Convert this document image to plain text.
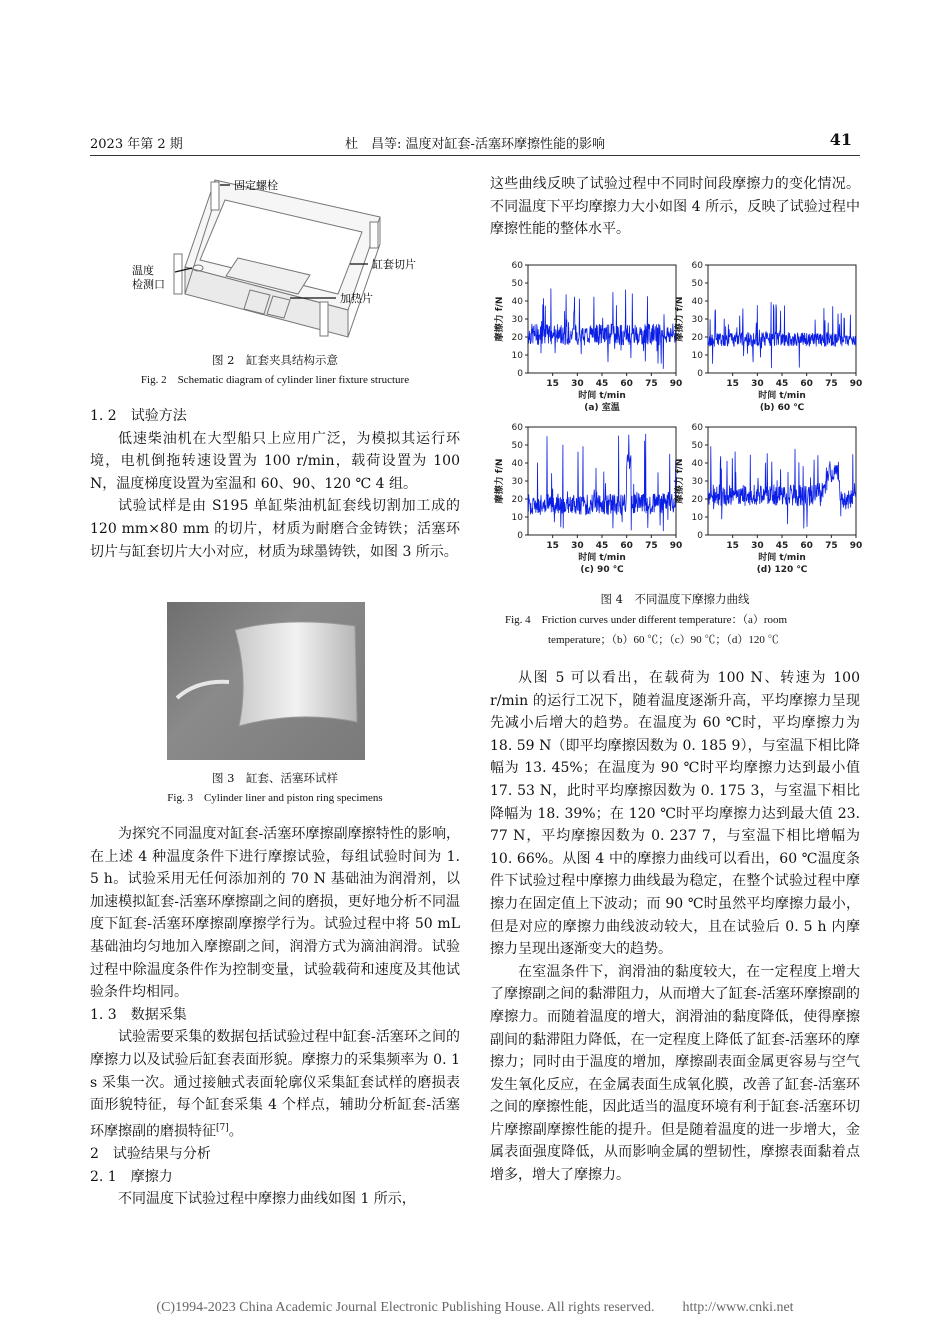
2023 年第 2 期	杜　昌等: 温度对缸套-活塞环摩擦性能的影响	41
固定螺栓
温度
检测口
缸套切片
加热片
图 2　缸套夹具结构示意
Fig. 2　Schematic diagram of cylinder liner fixture structure
1. 2　试验方法

低速柴油机在大型船只上应用广泛，为模拟其运行环境，电机倒拖转速设置为 100 r/min，载荷设置为 100 N，温度梯度设置为室温和 60、90、120 ℃ 4 组。

试验试样是由 S195 单缸柴油机缸套线切割加工成的 120 mm×80 mm 的切片，材质为耐磨合金铸铁；活塞环切片与缸套切片大小对应，材质为球墨铸铁，如图 3 所示。

图 3　缸套、活塞环试样
Fig. 3　Cylinder liner and piston ring specimens

为探究不同温度对缸套-活塞环摩擦副摩擦特性的影响，在上述 4 种温度条件下进行摩擦试验，每组试验时间为 1. 5 h。试验采用无任何添加剂的 70 N 基础油为润滑剂，以加速模拟缸套-活塞环摩擦副之间的磨损，更好地分析不同温度下缸套-活塞环摩擦副摩擦学行为。试验过程中将 50 mL 基础油均匀地加入摩擦副之间，润滑方式为滴油润滑。试验过程中除温度条件作为控制变量，试验载荷和速度及其他试验条件均相同。

1. 3　数据采集

试验需要采集的数据包括试验过程中缸套-活塞环之间的摩擦力以及试验后缸套表面形貌。摩擦力的采集频率为 0. 1 s 采集一次。通过接触式表面轮廓仪采集缸套试样的磨损表面形貌特征，每个缸套采集 4 个样点，辅助分析缸套-活塞环摩擦副的磨损特征[7]。

2　试验结果与分析
2. 1　摩擦力

不同温度下试验过程中摩擦力曲线如图 1 所示，

这些曲线反映了试验过程中不同时间段摩擦力的变化情况。不同温度下平均摩擦力大小如图 4 所示，反映了试验过程中摩擦性能的整体水平。

0
10
20
30
40
50
60
15 30 45 60 75 90
摩擦力 f/N
时间 t/min
(a) 室温
0
10
20
30
40
50
60
15 30 45 60 75 90
摩擦力 f/N
时间 t/min
(b) 60 ℃
0
10
20
30
40
50
60
15 30 45 60 75 90
摩擦力 f/N
时间 t/min
(c) 90 ℃
0
10
20
30
40
50
60
15 30 45 60 75 90
摩擦力 f/N
时间 t/min
(d) 120 ℃
图 4　不同温度下摩擦力曲线
Fig. 4　Friction curves under different temperature：（a）room
temperature；（b）60 ℃；（c）90 ℃；（d）120 ℃

从图 5 可以看出，在载荷为 100 N、转速为 100 r/min 的运行工况下，随着温度逐渐升高，平均摩擦力呈现先减小后增大的趋势。在温度为 60 ℃时，平均摩擦力为 18. 59 N（即平均摩擦因数为 0. 185 9），与室温下相比降幅为 13. 45%；在温度为 90 ℃时平均摩擦力达到最小值 17. 53 N，此时平均摩擦因数为 0. 175 3，与室温下相比降幅为 18. 39%；在 120 ℃时平均摩擦力达到最大值 23. 77 N，平均摩擦因数为 0. 237 7，与室温下相比增幅为 10. 66%。从图 4 中的摩擦力曲线可以看出，60 ℃温度条件下试验过程中摩擦力曲线最为稳定，在整个试验过程中摩擦力在固定值上下波动；而 90 ℃时虽然平均摩擦力最小，但是对应的摩擦力曲线波动较大，且在试验后 0. 5 h 内摩擦力呈现出逐渐变大的趋势。

在室温条件下，润滑油的黏度较大，在一定程度上增大了摩擦副之间的黏滞阻力，从而增大了缸套-活塞环摩擦副的摩擦力。而随着温度的增大，润滑油的黏度降低，使得摩擦副间的黏滞阻力降低，在一定程度上降低了缸套-活塞环的摩擦力；同时由于温度的增加，摩擦副表面金属更容易与空气发生氧化反应，在金属表面生成氧化膜，改善了缸套-活塞环之间的摩擦性能，因此适当的温度环境有利于缸套-活塞环切片摩擦副摩擦性能的提升。但是随着温度的进一步增大，金属表面强度降低，从而影响金属的塑韧性，摩擦表面黏着点增多，增大了摩擦力。

(C)1994-2023 China Academic Journal Electronic Publishing House. All rights reserved.　　http://www.cnki.net
